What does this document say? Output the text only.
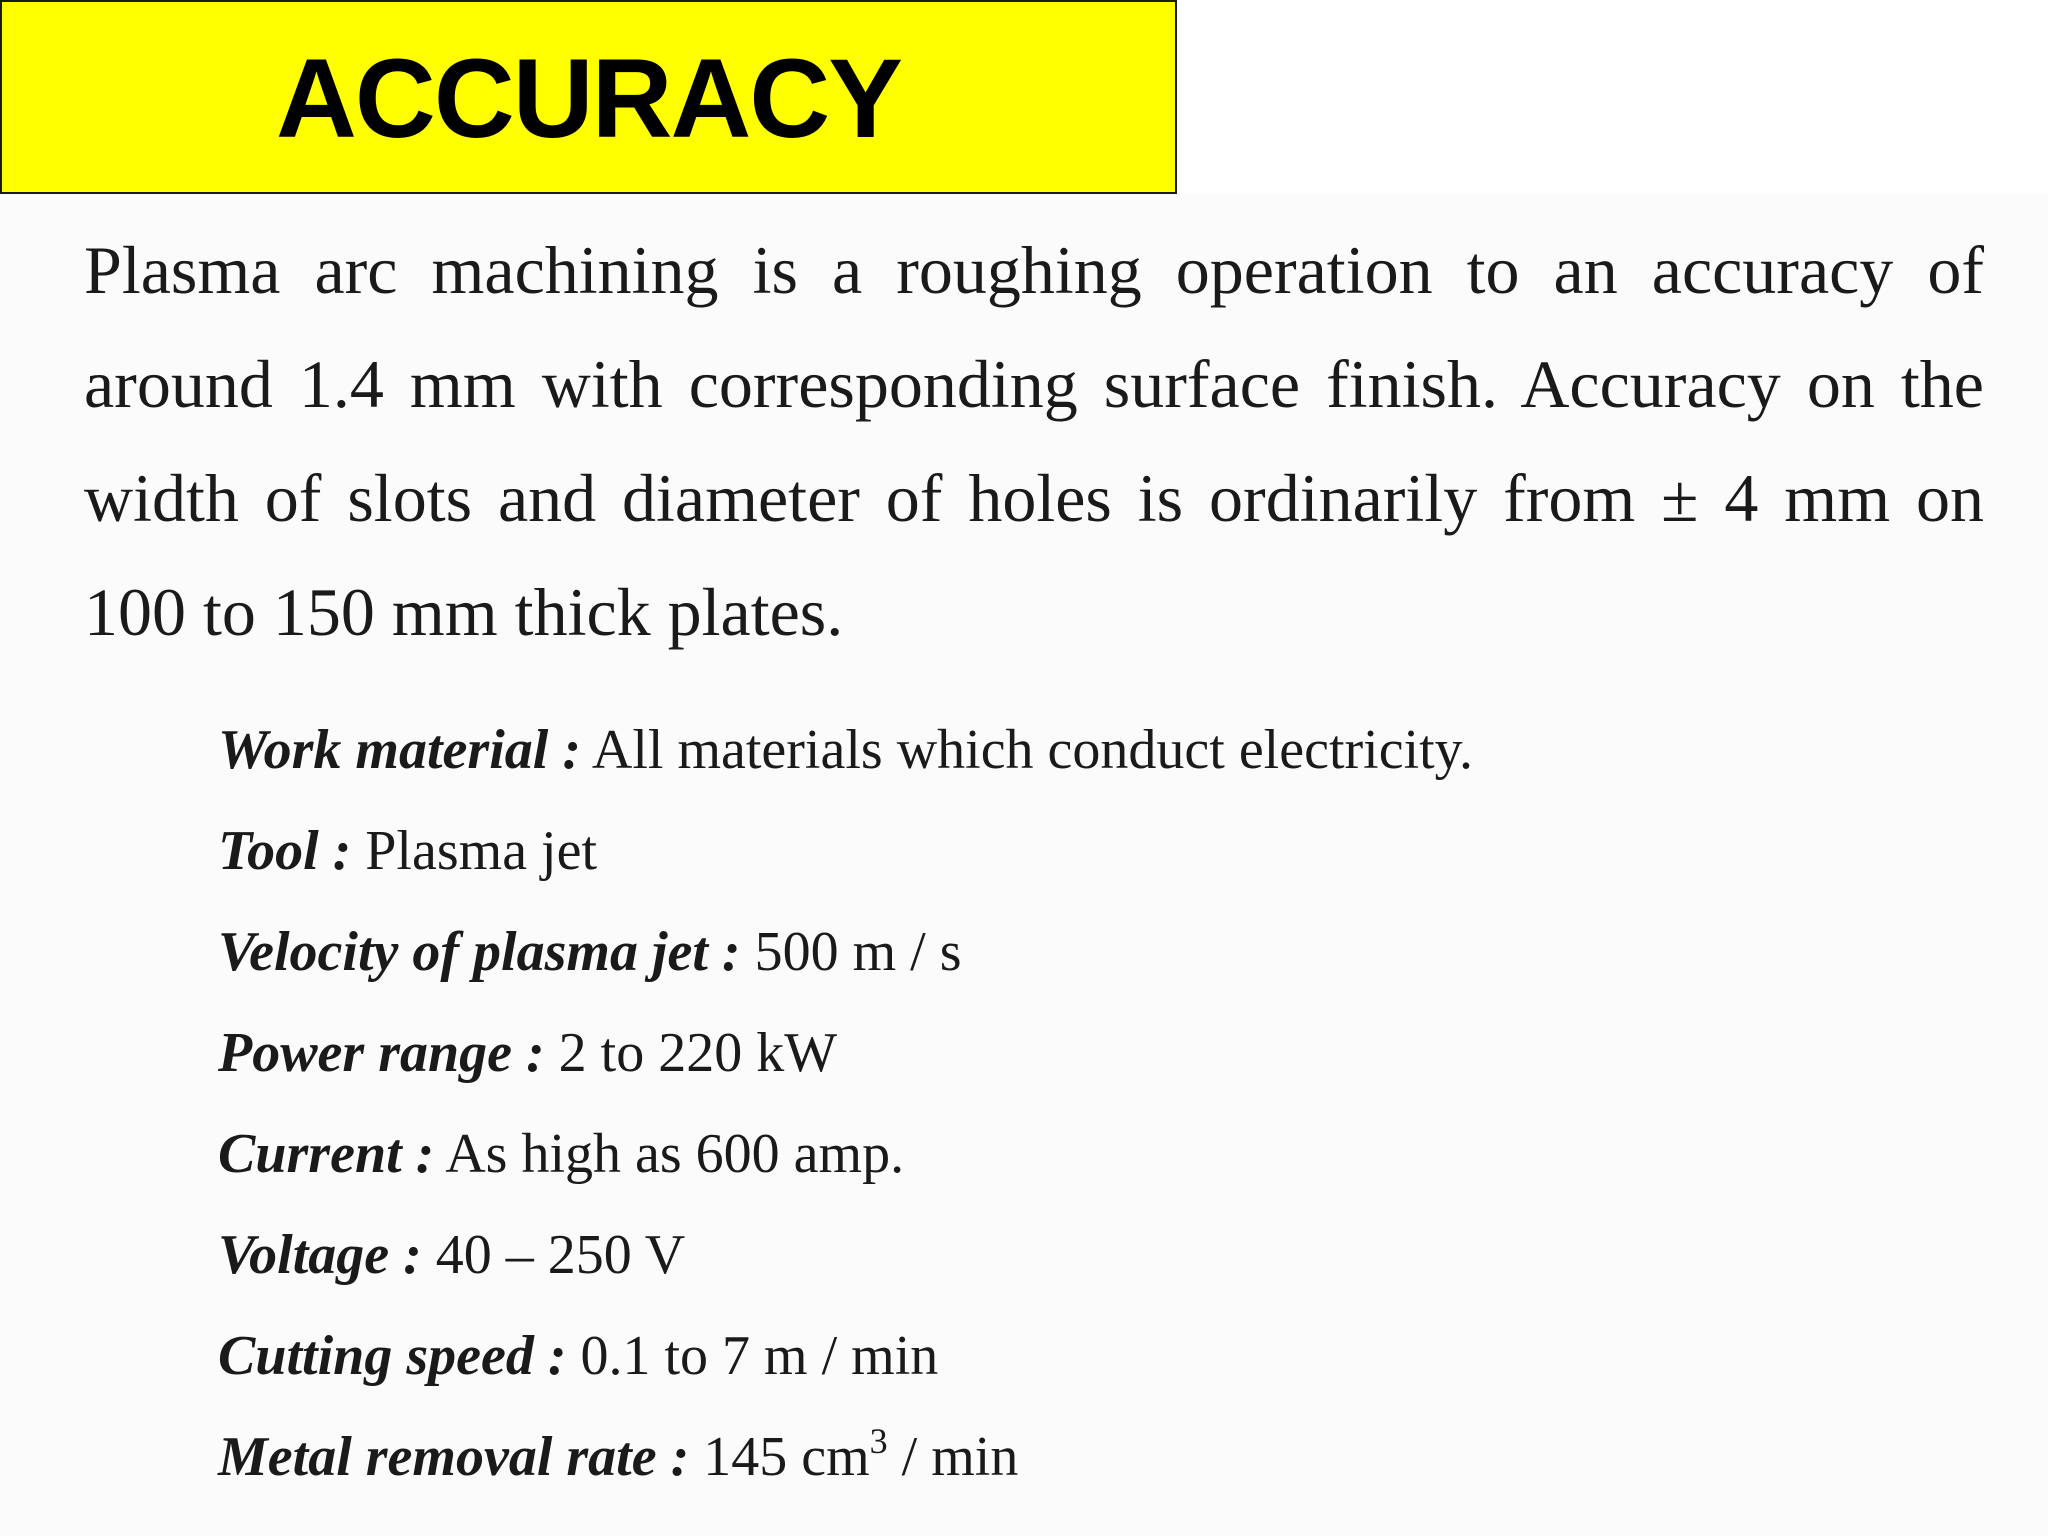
ACCURACY

Plasma arc machining is a roughing operation to an accuracy of around 1.4 mm with corresponding surface finish. Accuracy on the width of slots and diameter of holes is ordinarily from ± 4 mm on 100 to 150 mm thick plates.

Work material : All materials which conduct electricity.
Tool : Plasma jet
Velocity of plasma jet : 500 m / s
Power range : 2 to 220 kW
Current : As high as 600 amp.
Voltage : 40 – 250 V
Cutting speed : 0.1 to 7 m / min
Metal removal rate : 145 $cm^3$ / min
